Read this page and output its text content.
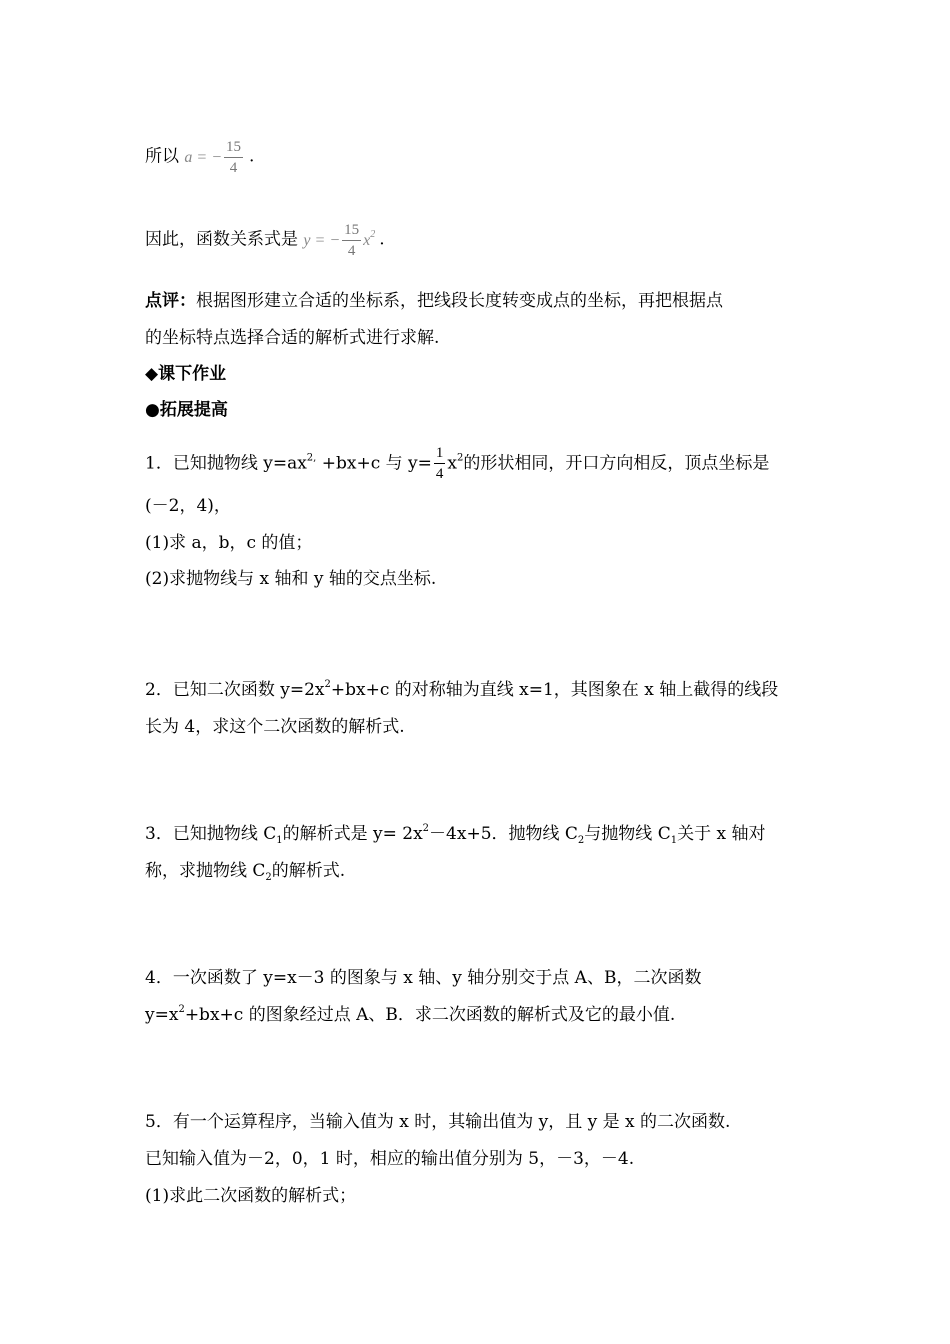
所以 a = − $\frac{15}{4}$ .
因此，函数关系式是 y = − $\frac{15}{4} x^2$ .
点评：根据图形建立合适的坐标系，把线段长度转变成点的坐标，再把根据点
的坐标特点选择合适的解析式进行求解.
◆课下作业
●拓展提高
1．已知抛物线 $y=ax^{2,} +bx+c$ 与 $y= \frac{1}{4} x^2$的形状相同，开口方向相反，顶点坐标是
(－2，4)，
(1)求 a，b，c 的值；
(2)求抛物线与 x 轴和 y 轴的交点坐标.
2．已知二次函数 $y=2x^2+bx+c$ 的对称轴为直线 x=1，其图象在 x 轴上截得的线段
长为 4，求这个二次函数的解析式.
3．已知抛物线 $C_1$的解析式是 $y= 2x^2-4x+5$．抛物线 $C_2$与抛物线 $C_1$关于 x 轴对
称，求抛物线 $C_2$的解析式.
4．一次函数了 y=x－3 的图象与 x 轴、y 轴分别交于点 A、B，二次函数
$y=x^2+bx+c$ 的图象经过点 A、B．求二次函数的解析式及它的最小值.
5．有一个运算程序，当输入值为 x 时，其输出值为 y，且 y 是 x 的二次函数.
已知输入值为－2，0，1 时，相应的输出值分别为 5，－3，－4.
(1)求此二次函数的解析式；
